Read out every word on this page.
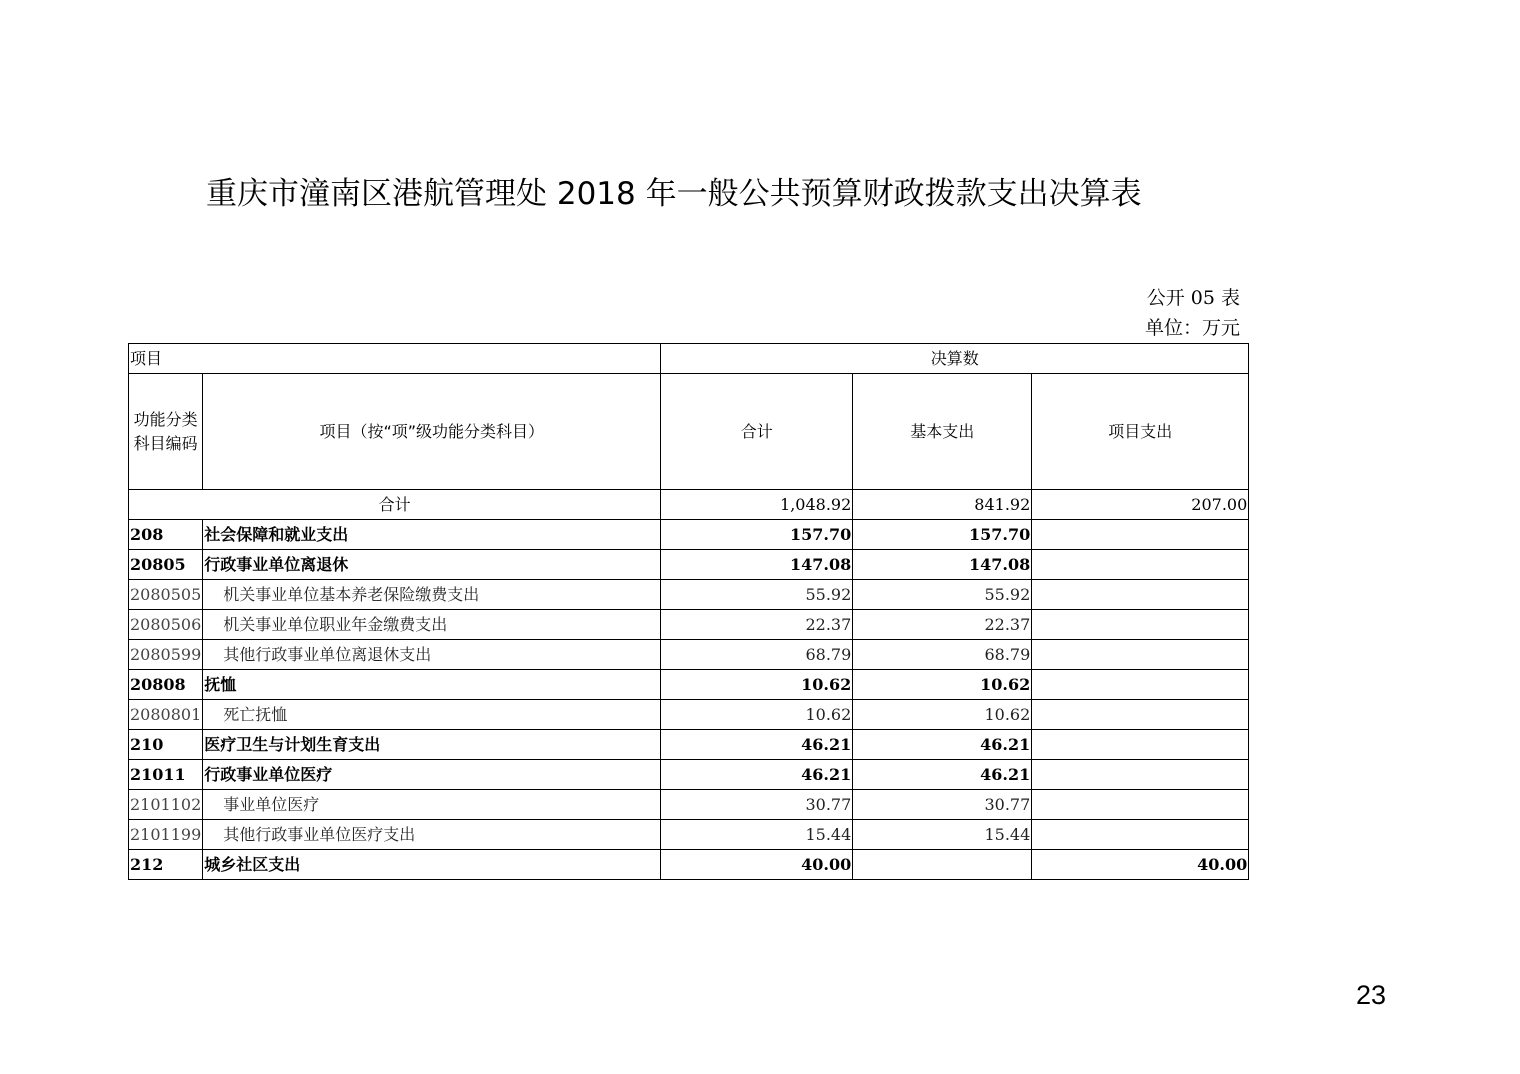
重庆市潼南区港航管理处 2018 年一般公共预算财政拨款支出决算表
公开 05 表
单位：万元
项目		决算数		
功能分类科目编码	项目（按“项”级功能分类科目）	合计	基本支出	项目支出
合计		1,048.92	841.92	207.00
208	社会保障和就业支出	157.70	157.70	
20805	行政事业单位离退休	147.08	147.08	
2080505	机关事业单位基本养老保险缴费支出	55.92	55.92	
2080506	机关事业单位职业年金缴费支出	22.37	22.37	
2080599	其他行政事业单位离退休支出	68.79	68.79	
20808	抚恤	10.62	10.62	
2080801	死亡抚恤	10.62	10.62	
210	医疗卫生与计划生育支出	46.21	46.21	
21011	行政事业单位医疗	46.21	46.21	
2101102	事业单位医疗	30.77	30.77	
2101199	其他行政事业单位医疗支出	15.44	15.44	
212	城乡社区支出	40.00		40.00
23
